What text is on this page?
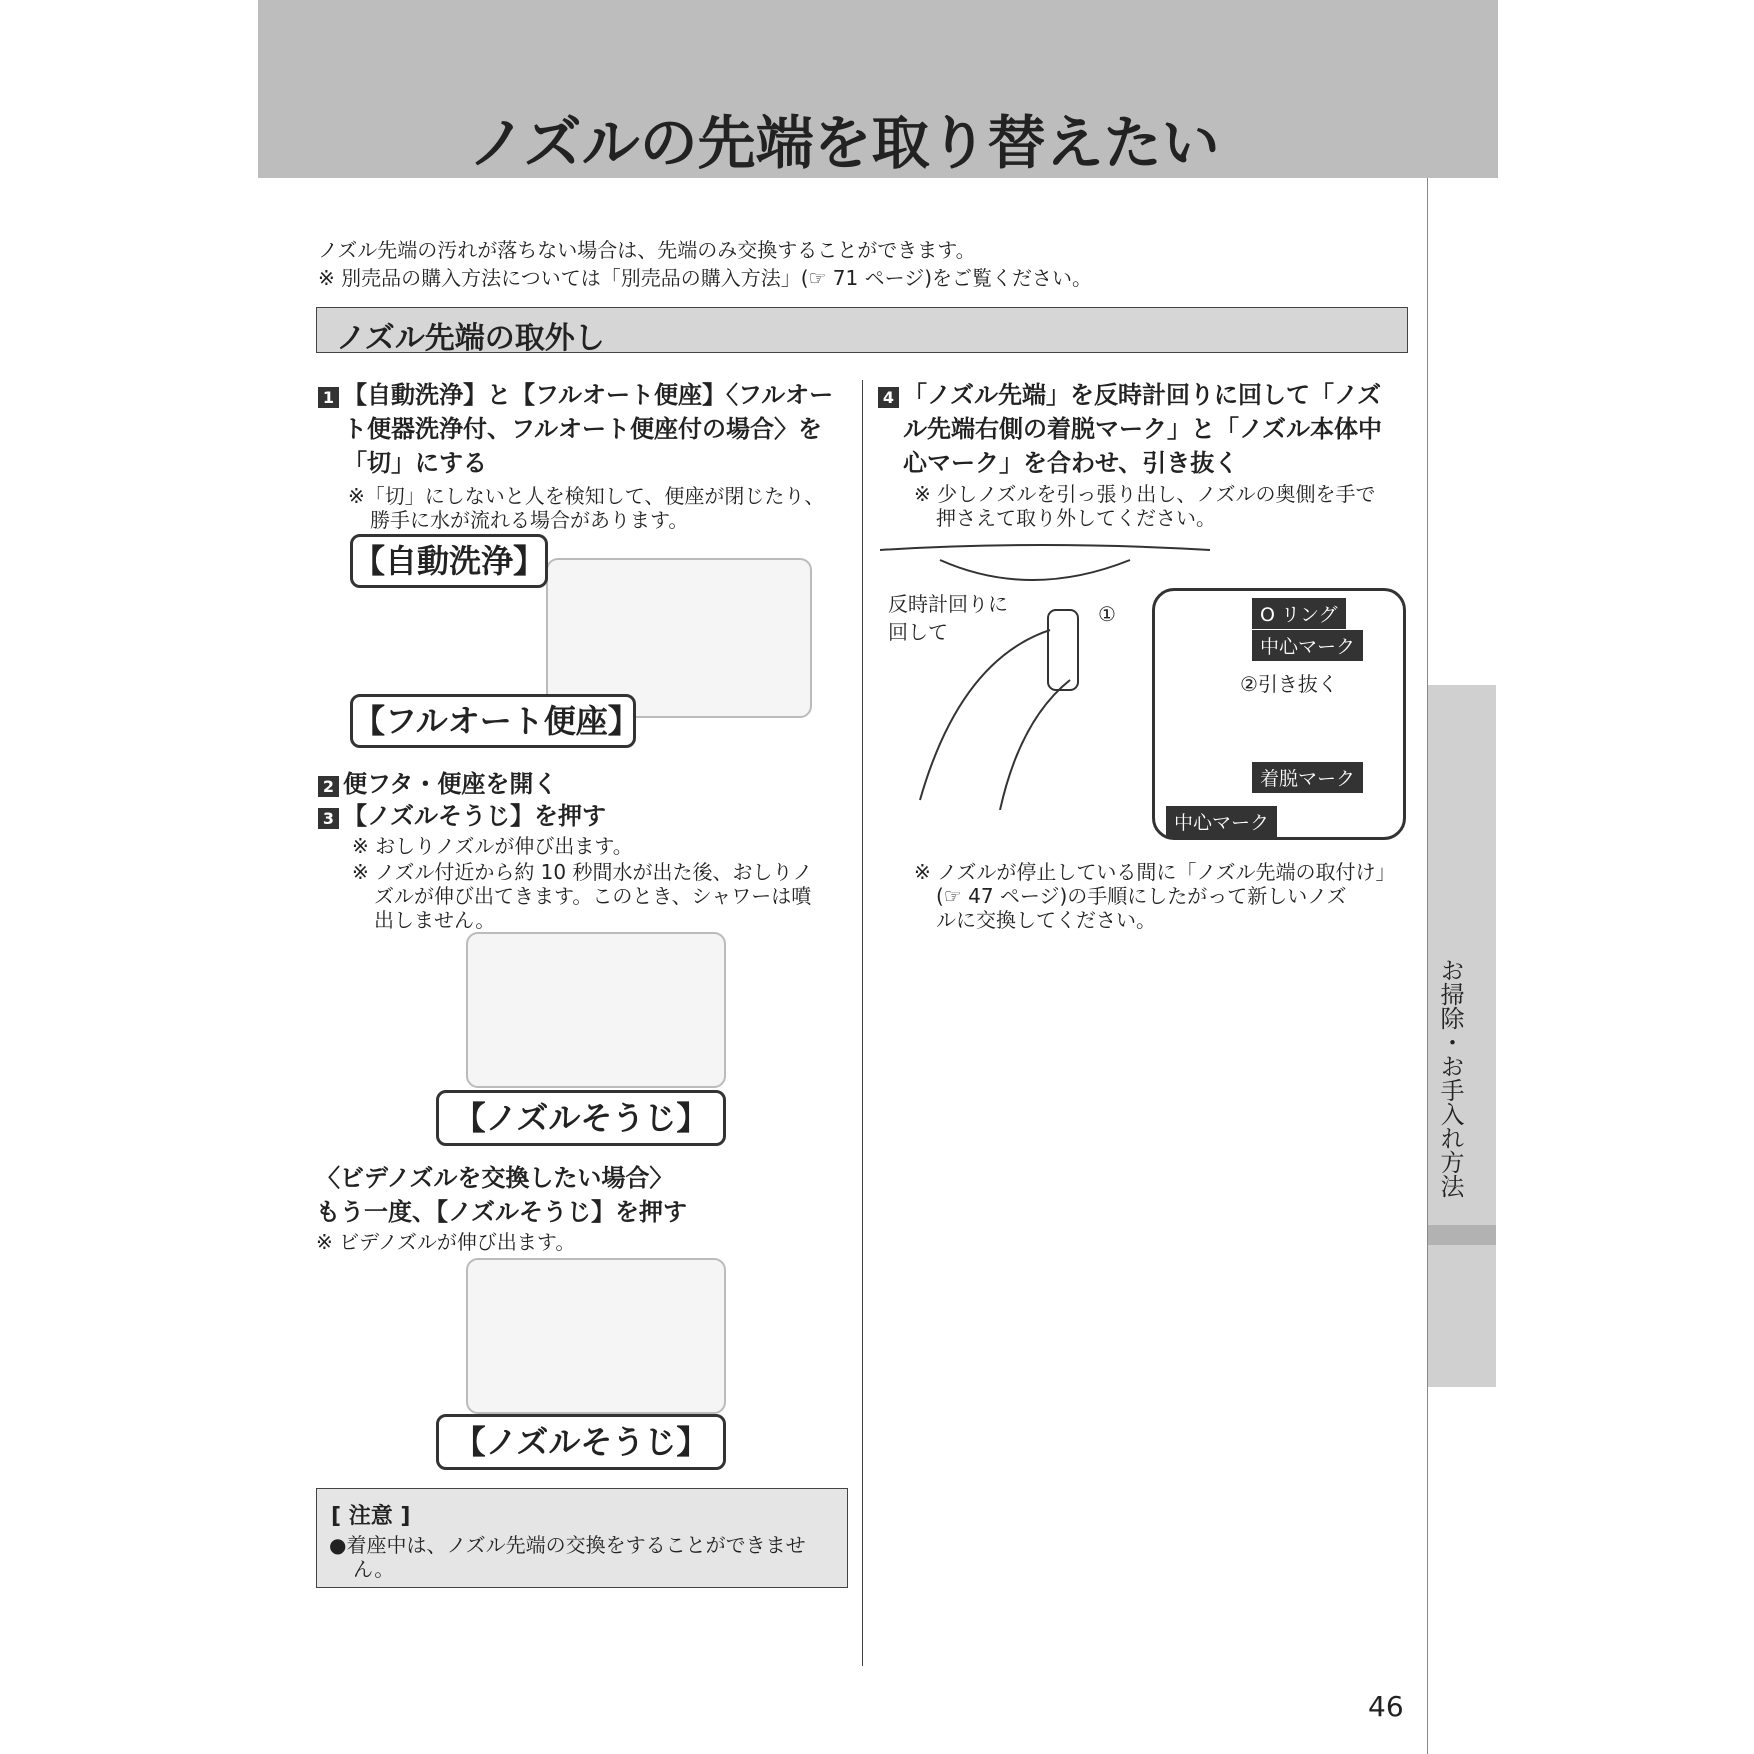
ノズルの先端を取り替えたい
ノズル先端の汚れが落ちない場合は、先端のみ交換することができます。
※ 別売品の購入方法については「別売品の購入方法」(☞ 71 ページ)をご覧ください。
ノズル先端の取外し
お掃除・お手入れ方法
1 【自動洗浄】と【フルオート便座】〈フルオー
ト便器洗浄付、フルオート便座付の場合〉を
「切」にする
※「切」にしないと人を検知して、便座が閉じたり、
勝手に水が流れる場合があります。
【自動洗浄】
【フルオート便座】
2 便フタ・便座を開く
3 【ノズルそうじ】を押す
※ おしりノズルが伸び出ます。
※ ノズル付近から約 10 秒間水が出た後、おしりノ
ズルが伸び出てきます。このとき、シャワーは噴
出しません。
【ノズルそうじ】
〈ビデノズルを交換したい場合〉
もう一度、【ノズルそうじ】を押す
※ ビデノズルが伸び出ます。
【ノズルそうじ】
[ 注意 ]
●着座中は、ノズル先端の交換をすることができませ
ん。
4 「ノズル先端」を反時計回りに回して「ノズ
ル先端右側の着脱マーク」と「ノズル本体中
心マーク」を合わせ、引き抜く
※ 少しノズルを引っ張り出し、ノズルの奥側を手で
押さえて取り外してください。
反時計回りに
回して
①	O リング
中心マーク
②引き抜く
着脱マーク
中心マーク
※ ノズルが停止している間に「ノズル先端の取付け」
(☞ 47 ページ)の手順にしたがって新しいノズ
ルに交換してください。
46
